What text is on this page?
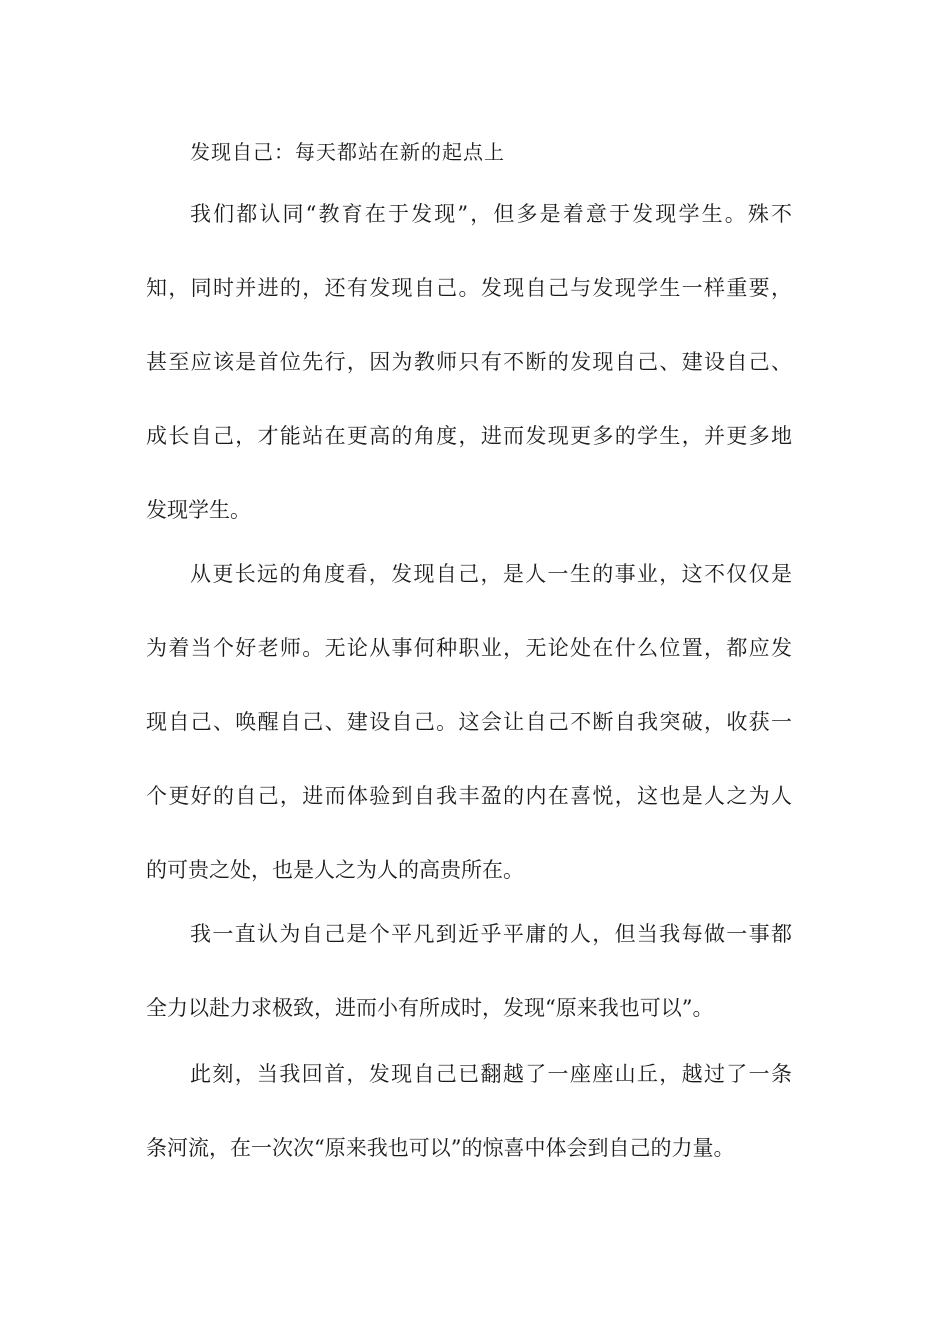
发现自己：每天都站在新的起点上
我们都认同“教育在于发现”，但多是着意于发现学生。殊不
知，同时并进的，还有发现自己。发现自己与发现学生一样重要，
甚至应该是首位先行，因为教师只有不断的发现自己、建设自己、
成长自己，才能站在更高的角度，进而发现更多的学生，并更多地
发现学生。
从更长远的角度看，发现自己，是人一生的事业，这不仅仅是
为着当个好老师。无论从事何种职业，无论处在什么位置，都应发
现自己、唤醒自己、建设自己。这会让自己不断自我突破，收获一
个更好的自己，进而体验到自我丰盈的内在喜悦，这也是人之为人
的可贵之处，也是人之为人的高贵所在。
我一直认为自己是个平凡到近乎平庸的人，但当我每做一事都
全力以赴力求极致，进而小有所成时，发现“原来我也可以”。
此刻，当我回首，发现自己已翻越了一座座山丘，越过了一条
条河流，在一次次“原来我也可以”的惊喜中体会到自己的力量。
